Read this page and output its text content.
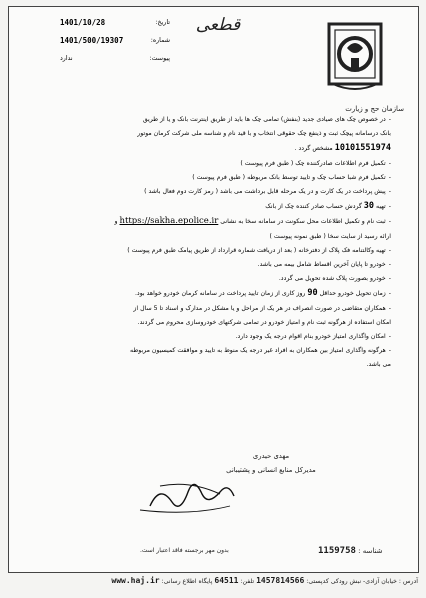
سازمان حج و زیارت
قطعی
تاریخ:
1401/10/28
شماره:
1401/500/19307
پیوست:
ندارد

-در خصوص چک های صیادی جدید (بنفش) تمامی چک ها باید از طریق اینترنت بانک و یا از طریق

بانک درسامانه پیچک ثبت و ذینفع چک حقوقی انتخاب و با قید نام و شناسه ملی شرکت کرمان موتور

10101551974 مشخص گردد .

-تکمیل فرم اطلاعات صادرکننده چک ( طبق فرم پیوست )

-تکمیل فرم شبا حساب چک و تایید توسط بانک مربوطه ( طبق فرم پیوست )

-پیش پرداخت در یک کارت و در یک مرحله قابل برداشت می باشد ( رمز کارت دوم فعال باشد )

-تهیه 30 گردش حساب صادر کننده چک از بانک

-ثبت نام و تکمیل اطلاعات محل سکونت در سامانه سخا به نشانی https://sakha.epolice.ir و

ارائه رسید از سایت سخا ( طبق نمونه پیوست )

-تهیه وکالتنامه فک پلاک از دفترخانه ( بعد از دریافت شماره قرارداد از طریق پیامک طبق فرم پیوست )

-خودرو تا پایان آخرین اقساط شامل بیمه می باشد.

-خودرو بصورت پلاک شده تحویل می گردد.

-زمان تحویل خودرو حداقل 90 روز کاری از زمان تایید پرداخت در سامانه کرمان خودرو خواهد بود.

-همکاران متقاضی در صورت انصراف در هر یک از مراحل و یا مشکل در مدارک و اسناد تا 5 سال از

امکان استفاده از هرگونه ثبت نام و امتیاز خودرو در تمامی شرکتهای خودروسازی محروم می گردند.

-امکان واگذاری امتیاز خودرو بنام اقوام درجه یک وجود دارد.

-هرگونه واگذاری امتیاز بین همکاران به افراد غیر درجه یک منوط به تایید و موافقت کمیسیون مربوطه

می باشد.

مهدی حیدری
مدیرکل منابع انسانی و پشتیبانی
بدون مهر برجسته فاقد اعتبار است.	شناسه : 1159758
آدرس : خیابان آزادی- نبش رودکی کدپستی: 1457814566 تلفن: 64511 پایگاه اطلاع رسانی: www.haj.ir
